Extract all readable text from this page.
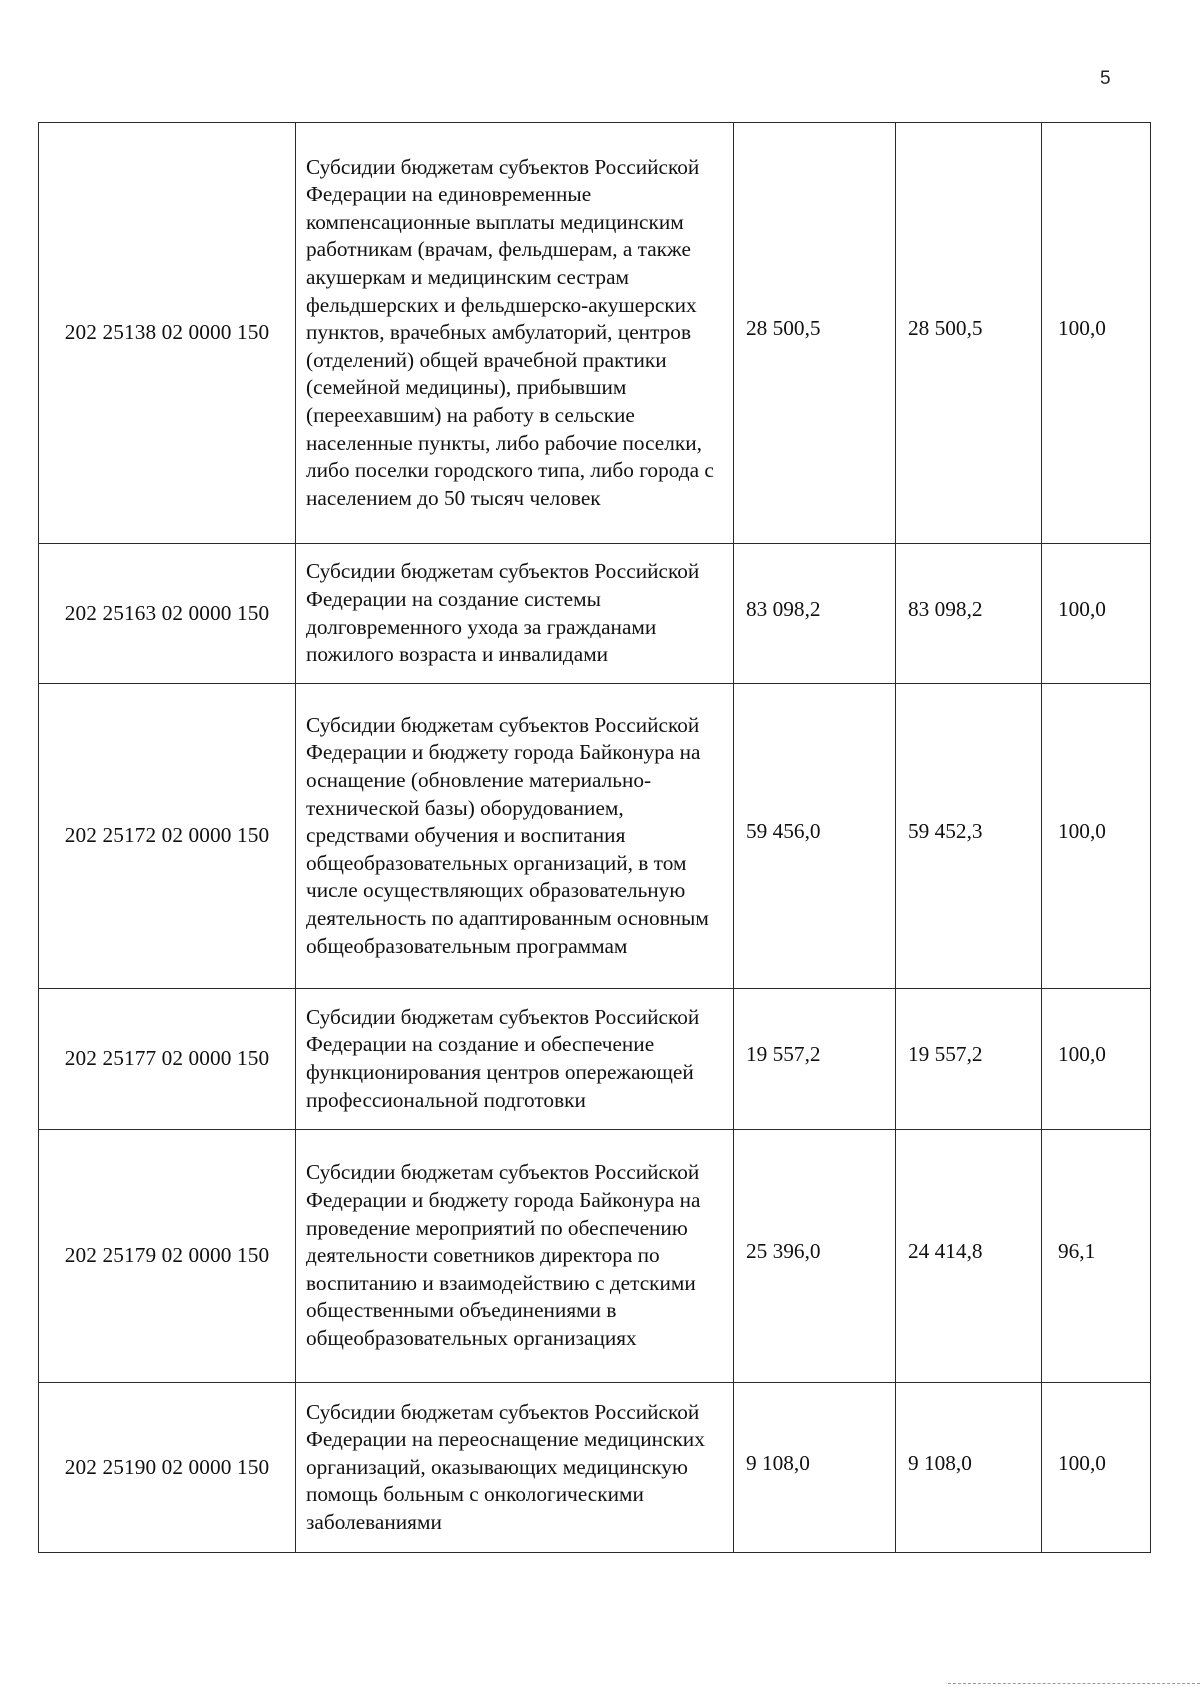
5
202 25138 02 0000 150	Субсидии бюджетам субъектов Российской Федерации на единовременные компенсационные выплаты медицинским работникам (врачам, фельдшерам, а также акушеркам и медицинским сестрам фельдшерских и фельдшерско-акушерских пунктов, врачебных амбулаторий, центров (отделений) общей врачебной практики (семейной медицины), прибывшим (переехавшим) на работу в сельские населенные пункты, либо рабочие поселки, либо поселки городского типа, либо города с населением до 50 тысяч человек	28 500,5	28 500,5	100,0
202 25163 02 0000 150	Субсидии бюджетам субъектов Российской Федерации на создание системы долговременного ухода за гражданами пожилого возраста и инвалидами	83 098,2	83 098,2	100,0
202 25172 02 0000 150	Субсидии бюджетам субъектов Российской Федерации и бюджету города Байконура на оснащение (обновление материально-технической базы) оборудованием, средствами обучения и воспитания общеобразовательных организаций, в том числе осуществляющих образовательную деятельность по адаптированным основным общеобразовательным программам	59 456,0	59 452,3	100,0
202 25177 02 0000 150	Субсидии бюджетам субъектов Российской Федерации на создание и обеспечение функционирования центров опережающей профессиональной подготовки	19 557,2	19 557,2	100,0
202 25179 02 0000 150	Субсидии бюджетам субъектов Российской Федерации и бюджету города Байконура на проведение мероприятий по обеспечению деятельности советников директора по воспитанию и взаимодействию с детскими общественными объединениями в общеобразовательных организациях	25 396,0	24 414,8	96,1
202 25190 02 0000 150	Субсидии бюджетам субъектов Российской Федерации на переоснащение медицинских организаций, оказывающих медицинскую помощь больным с онкологическими заболеваниями	9 108,0	9 108,0	100,0
